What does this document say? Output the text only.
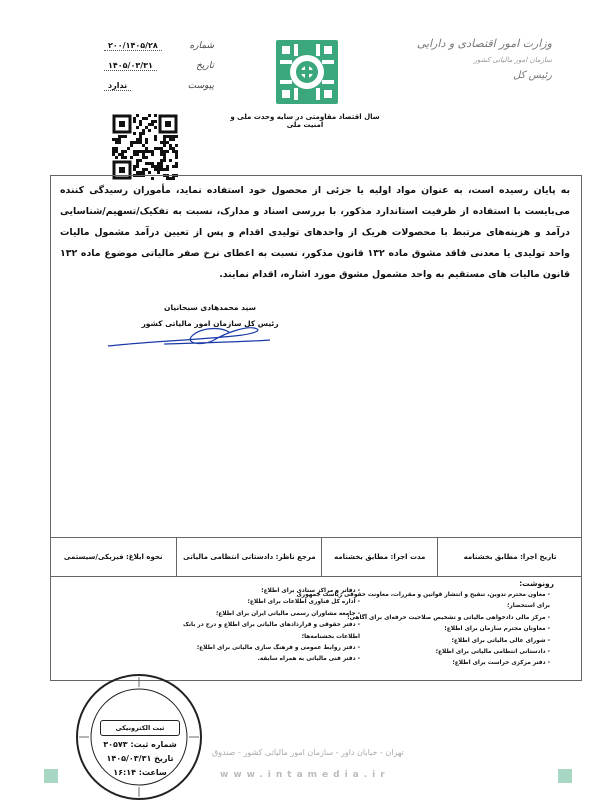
شماره
۲۰۰/۱۴۰۵/۲۸
تاریخ
۱۴۰۵/۰۳/۳۱
پیوست
ندارد
وزارت امور اقتصادی و دارایی
سازمان امور مالیاتی کشور
رئیس کل
سال اقتصاد مقاومتی در سایه وحدت ملی و امنیت ملی
به پایان رسیده است، به عنوان مواد اولیه یا جزئی از محصول خود استفاده نماید، مأموران رسیدگی کننده می‌بایست با استفاده از ظرفیت استاندارد مذکور، با بررسی اسناد و مدارک، نسبت به تفکیک/تسهیم/شناسایی درآمد و هزینه‌های مرتبط با محصولات هریک از واحدهای تولیدی اقدام و پس از تعیین درآمد مشمول مالیات واحد تولیدی یا معدنی فاقد مشوق ماده ۱۳۲ قانون مذکور، نسبت به اعطای نرخ صفر مالیاتی موضوع ماده ۱۳۲ قانون مالیات های مستقیم به واحد مشمول مشوق مورد اشاره، اقدام نمایند.
سید محمدهادی سبحانیان
رئیس کل سازمان امور مالیاتی کشور
تاریخ اجرا: مطابق بخشنامه
مدت اجرا: مطابق بخشنامه
مرجع ناظر: دادستانی انتظامی مالیاتی
نحوه ابلاغ: فیزیکی/سیستمی
رونوشت:
- معاون محترم تدوین، تنقیح و انتشار قوانین و مقررات، معاونت حقوقی ریاست جمهوری برای استحضار؛
- مرکز مالی دادخواهی مالیاتی و تشخیص صلاحیت حرفه‌ای برای آگاهی؛
- معاونان محترم سازمان برای اطلاع؛
- شورای عالی مالیاتی برای اطلاع؛
- دادستانی انتظامی مالیاتی برای اطلاع؛
- دفتر مرکزی حراست برای اطلاع؛
- دفاتر و مراکز ستادی برای اطلاع؛
- اداره کل فناوری اطلاعات برای اطلاع؛
- جامعه مشاوران رسمی مالیاتی ایران برای اطلاع؛
- دفتر حقوقی و قراردادهای مالیاتی برای اطلاع و درج در بانک اطلاعات بخشنامه‌ها؛
- دفتر روابط عمومی و فرهنگ سازی مالیاتی برای اطلاع؛
- دفتر فنی مالیاتی به همراه سابقه.
ثبت الکترونیکی
شماره ثبت: ۳۰۵۷۳
تاریخ ۱۴۰۵/۰۳/۳۱
ساعت: ۱۶:۱۴
تهران - خیابان داور - سازمان امور مالیاتی کشور - صندوق
www.intamedia.ir
